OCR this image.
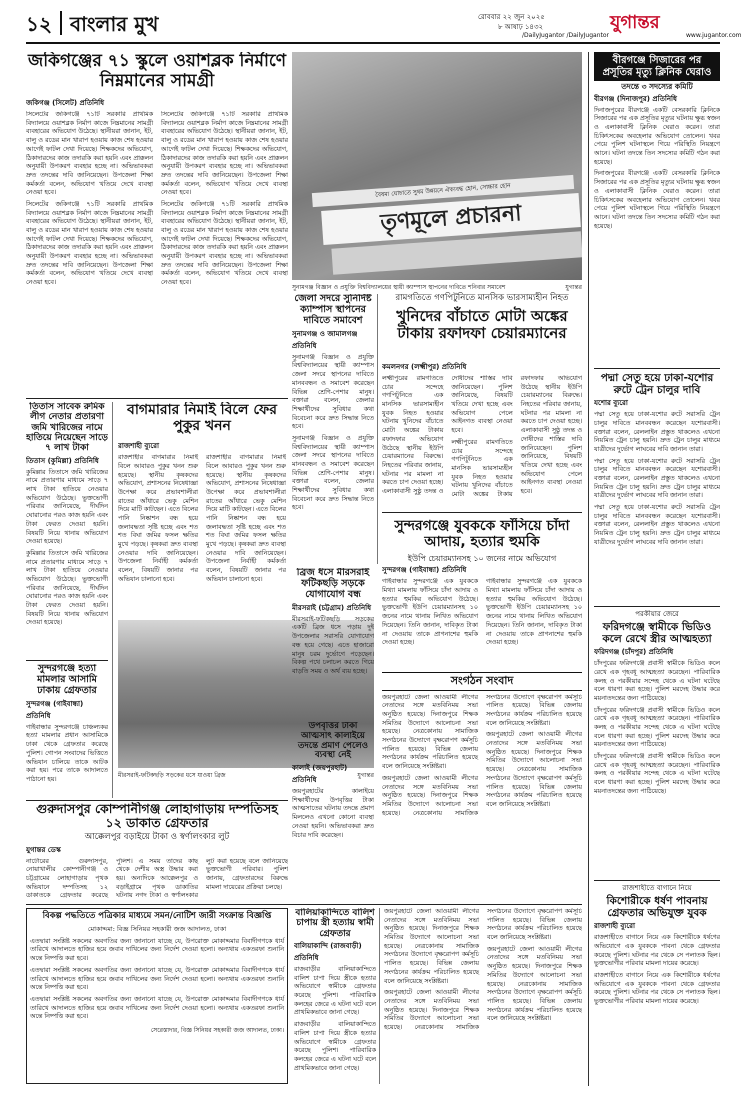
১২ বাংলার মুখ	রোববার ২২ জুন ২০২৫
৮ আষাঢ় ১৪৩২	যুগান্তর
/DailyJugantor /DailyJugantor	www.jugantor.com
জকিগঞ্জের ৭১ স্কুলে ওয়াশব্লক নির্মাণে নিম্নমানের সামগ্রী
জকিগঞ্জ (সিলেট) প্রতিনিধি

সিলেটের জকিগঞ্জে ৭১টি সরকারি প্রাথমিক বিদ্যালয়ে ওয়াশব্লক নির্মাণ কাজে নিম্নমানের সামগ্রী ব্যবহারের অভিযোগ উঠেছে। স্থানীয়রা জানান, ইট, বালু ও রডের মান খারাপ হওয়ায় কাজ শেষ হওয়ার আগেই ফাটল দেখা দিয়েছে। শিক্ষকদের অভিযোগ, ঠিকাদারদের কাজ তদারকি করা হয়নি এবং প্রাক্কলন অনুযায়ী উপকরণ ব্যবহার হচ্ছে না। অভিভাবকরা দ্রুত তদন্তের দাবি জানিয়েছেন। উপজেলা শিক্ষা কর্মকর্তা বলেন, অভিযোগ খতিয়ে দেখে ব্যবস্থা নেওয়া হবে।

সিলেটের জকিগঞ্জে ৭১টি সরকারি প্রাথমিক বিদ্যালয়ে ওয়াশব্লক নির্মাণ কাজে নিম্নমানের সামগ্রী ব্যবহারের অভিযোগ উঠেছে। স্থানীয়রা জানান, ইট, বালু ও রডের মান খারাপ হওয়ায় কাজ শেষ হওয়ার আগেই ফাটল দেখা দিয়েছে। শিক্ষকদের অভিযোগ, ঠিকাদারদের কাজ তদারকি করা হয়নি এবং প্রাক্কলন অনুযায়ী উপকরণ ব্যবহার হচ্ছে না। অভিভাবকরা দ্রুত তদন্তের দাবি জানিয়েছেন। উপজেলা শিক্ষা কর্মকর্তা বলেন, অভিযোগ খতিয়ে দেখে ব্যবস্থা নেওয়া হবে।

সিলেটের জকিগঞ্জে ৭১টি সরকারি প্রাথমিক বিদ্যালয়ে ওয়াশব্লক নির্মাণ কাজে নিম্নমানের সামগ্রী ব্যবহারের অভিযোগ উঠেছে। স্থানীয়রা জানান, ইট, বালু ও রডের মান খারাপ হওয়ায় কাজ শেষ হওয়ার আগেই ফাটল দেখা দিয়েছে। শিক্ষকদের অভিযোগ, ঠিকাদারদের কাজ তদারকি করা হয়নি এবং প্রাক্কলন অনুযায়ী উপকরণ ব্যবহার হচ্ছে না। অভিভাবকরা দ্রুত তদন্তের দাবি জানিয়েছেন। উপজেলা শিক্ষা কর্মকর্তা বলেন, অভিযোগ খতিয়ে দেখে ব্যবস্থা নেওয়া হবে।

সিলেটের জকিগঞ্জে ৭১টি সরকারি প্রাথমিক বিদ্যালয়ে ওয়াশব্লক নির্মাণ কাজে নিম্নমানের সামগ্রী ব্যবহারের অভিযোগ উঠেছে। স্থানীয়রা জানান, ইট, বালু ও রডের মান খারাপ হওয়ায় কাজ শেষ হওয়ার আগেই ফাটল দেখা দিয়েছে। শিক্ষকদের অভিযোগ, ঠিকাদারদের কাজ তদারকি করা হয়নি এবং প্রাক্কলন অনুযায়ী উপকরণ ব্যবহার হচ্ছে না। অভিভাবকরা দ্রুত তদন্তের দাবি জানিয়েছেন। উপজেলা শিক্ষা কর্মকর্তা বলেন, অভিযোগ খতিয়ে দেখে ব্যবস্থা নেওয়া হবে।

বৈষম্য ঘোচাতে সুষম উন্নয়নে ঐক্যবদ্ধ হোন, সোচ্চার হোন
তৃণমূলে প্রচারনা
সুনামগঞ্জ বিজ্ঞান ও প্রযুক্তি বিশ্ববিদ্যালয়ের স্থায়ী ক্যাম্পাস স্থাপনের দাবিতে শনিবার সমাবেশ	যুগান্তর
জেলা সদরে সুনির্দিষ্ট ক্যাম্পাস স্থাপনের দাবিতে সমাবেশ
সুনামগঞ্জ ও জামালগঞ্জ প্রতিনিধি

সুনামগঞ্জ বিজ্ঞান ও প্রযুক্তি বিশ্ববিদ্যালয়ের স্থায়ী ক্যাম্পাস জেলা সদরে স্থাপনের দাবিতে মানববন্ধন ও সমাবেশ করেছেন বিভিন্ন শ্রেণি-পেশার মানুষ। বক্তারা বলেন, জেলার শিক্ষার্থীদের সুবিধার কথা বিবেচনা করে দ্রুত সিদ্ধান্ত নিতে হবে।

সুনামগঞ্জ বিজ্ঞান ও প্রযুক্তি বিশ্ববিদ্যালয়ের স্থায়ী ক্যাম্পাস জেলা সদরে স্থাপনের দাবিতে মানববন্ধন ও সমাবেশ করেছেন বিভিন্ন শ্রেণি-পেশার মানুষ। বক্তারা বলেন, জেলার শিক্ষার্থীদের সুবিধার কথা বিবেচনা করে দ্রুত সিদ্ধান্ত নিতে হবে।

রামগতিতে গণপিটুনিতে মানসিক ভারসাম্যহীন নিহত
খুনিদের বাঁচাতে মোটা অঙ্কের টাকায় রফাদফা চেয়ারম্যানের
কমলনগর (লক্ষ্মীপুর) প্রতিনিধি

লক্ষ্মীপুরের রামগতিতে চোর সন্দেহে গণপিটুনিতে এক মানসিক ভারসাম্যহীন যুবক নিহত হওয়ার ঘটনায় খুনিদের বাঁচাতে মোটা অঙ্কের টাকায় রফাদফার অভিযোগ উঠেছে স্থানীয় ইউপি চেয়ারম্যানের বিরুদ্ধে। নিহতের পরিবার জানায়, ঘটনার পর মামলা না করতে চাপ দেওয়া হচ্ছে। এলাকাবাসী সুষ্ঠু তদন্ত ও দোষীদের শাস্তির দাবি জানিয়েছেন। পুলিশ জানিয়েছে, বিষয়টি খতিয়ে দেখা হচ্ছে এবং অভিযোগ পেলে আইনগত ব্যবস্থা নেওয়া হবে।

লক্ষ্মীপুরের রামগতিতে চোর সন্দেহে গণপিটুনিতে এক মানসিক ভারসাম্যহীন যুবক নিহত হওয়ার ঘটনায় খুনিদের বাঁচাতে মোটা অঙ্কের টাকায় রফাদফার অভিযোগ উঠেছে স্থানীয় ইউপি চেয়ারম্যানের বিরুদ্ধে। নিহতের পরিবার জানায়, ঘটনার পর মামলা না করতে চাপ দেওয়া হচ্ছে। এলাকাবাসী সুষ্ঠু তদন্ত ও দোষীদের শাস্তির দাবি জানিয়েছেন। পুলিশ জানিয়েছে, বিষয়টি খতিয়ে দেখা হচ্ছে এবং অভিযোগ পেলে আইনগত ব্যবস্থা নেওয়া হবে।

বীরগঞ্জে সিজারের পর প্রসূতির মৃত্যু ক্লিনিক ঘেরাও
তদন্তে ৩ সদস্যের কমিটি
বীরগঞ্জ (দিনাজপুর) প্রতিনিধি

দিনাজপুরের বীরগঞ্জে একটি বেসরকারি ক্লিনিকে সিজারের পর এক প্রসূতির মৃত্যুর ঘটনায় ক্ষুব্ধ স্বজন ও এলাকাবাসী ক্লিনিক ঘেরাও করেন। তারা চিকিৎসকের অবহেলার অভিযোগ তোলেন। খবর পেয়ে পুলিশ ঘটনাস্থলে গিয়ে পরিস্থিতি নিয়ন্ত্রণে আনে। ঘটনা তদন্তে তিন সদস্যের কমিটি গঠন করা হয়েছে।

দিনাজপুরের বীরগঞ্জে একটি বেসরকারি ক্লিনিকে সিজারের পর এক প্রসূতির মৃত্যুর ঘটনায় ক্ষুব্ধ স্বজন ও এলাকাবাসী ক্লিনিক ঘেরাও করেন। তারা চিকিৎসকের অবহেলার অভিযোগ তোলেন। খবর পেয়ে পুলিশ ঘটনাস্থলে গিয়ে পরিস্থিতি নিয়ন্ত্রণে আনে। ঘটনা তদন্তে তিন সদস্যের কমিটি গঠন করা হয়েছে।

পদ্মা সেতু হয়ে ঢাকা-যশোর রুটে ট্রেন চালুর দাবি
যশোর ব্যুরো

পদ্মা সেতু হয়ে ঢাকা-যশোর রুটে সরাসরি ট্রেন চালুর দাবিতে মানববন্ধন করেছেন যশোরবাসী। বক্তারা বলেন, রেললাইন প্রস্তুত থাকলেও এখনো নিয়মিত ট্রেন চালু হয়নি। দ্রুত ট্রেন চালুর মাধ্যমে যাত্রীদের দুর্ভোগ লাঘবের দাবি জানান তারা।

পদ্মা সেতু হয়ে ঢাকা-যশোর রুটে সরাসরি ট্রেন চালুর দাবিতে মানববন্ধন করেছেন যশোরবাসী। বক্তারা বলেন, রেললাইন প্রস্তুত থাকলেও এখনো নিয়মিত ট্রেন চালু হয়নি। দ্রুত ট্রেন চালুর মাধ্যমে যাত্রীদের দুর্ভোগ লাঘবের দাবি জানান তারা।

পদ্মা সেতু হয়ে ঢাকা-যশোর রুটে সরাসরি ট্রেন চালুর দাবিতে মানববন্ধন করেছেন যশোরবাসী। বক্তারা বলেন, রেললাইন প্রস্তুত থাকলেও এখনো নিয়মিত ট্রেন চালু হয়নি। দ্রুত ট্রেন চালুর মাধ্যমে যাত্রীদের দুর্ভোগ লাঘবের দাবি জানান তারা।

পরকীয়ার জেরে
ফরিদগঞ্জে স্বামীকে ভিডিও কলে রেখে স্ত্রীর আত্মহত্যা
ফরিদগঞ্জ (চাঁদপুর) প্রতিনিধি

চাঁদপুরের ফরিদগঞ্জে প্রবাসী স্বামীকে ভিডিও কলে রেখে এক গৃহবধূ আত্মহত্যা করেছেন। পারিবারিক কলহ ও পরকীয়ার সন্দেহ থেকে এ ঘটনা ঘটেছে বলে ধারণা করা হচ্ছে। পুলিশ মরদেহ উদ্ধার করে ময়নাতদন্তের জন্য পাঠিয়েছে।

চাঁদপুরের ফরিদগঞ্জে প্রবাসী স্বামীকে ভিডিও কলে রেখে এক গৃহবধূ আত্মহত্যা করেছেন। পারিবারিক কলহ ও পরকীয়ার সন্দেহ থেকে এ ঘটনা ঘটেছে বলে ধারণা করা হচ্ছে। পুলিশ মরদেহ উদ্ধার করে ময়নাতদন্তের জন্য পাঠিয়েছে।

চাঁদপুরের ফরিদগঞ্জে প্রবাসী স্বামীকে ভিডিও কলে রেখে এক গৃহবধূ আত্মহত্যা করেছেন। পারিবারিক কলহ ও পরকীয়ার সন্দেহ থেকে এ ঘটনা ঘটেছে বলে ধারণা করা হচ্ছে। পুলিশ মরদেহ উদ্ধার করে ময়নাতদন্তের জন্য পাঠিয়েছে।

রাজশাহীতে বাগানে নিয়ে
কিশোরীকে ধর্ষণ পাবনায় গ্রেফতার অভিযুক্ত যুবক
রাজশাহী ব্যুরো

রাজশাহীতে বাগানে নিয়ে এক কিশোরীকে ধর্ষণের অভিযোগে এক যুবককে পাবনা থেকে গ্রেফতার করেছে পুলিশ। ঘটনার পর থেকে সে পলাতক ছিল। ভুক্তভোগীর পরিবার মামলা দায়ের করেছে।

রাজশাহীতে বাগানে নিয়ে এক কিশোরীকে ধর্ষণের অভিযোগে এক যুবককে পাবনা থেকে গ্রেফতার করেছে পুলিশ। ঘটনার পর থেকে সে পলাতক ছিল। ভুক্তভোগীর পরিবার মামলা দায়ের করেছে।

তিতাস সাবেক রুমিক লীগ নেতার প্রতারণা জমি খারিজের নামে হাতিয়ে নিয়েছেন সাড়ে ৭ লাখ টাকা
তিতাস (কুমিল্লা) প্রতিনিধি

কুমিল্লার তিতাসে জমি খারিজের নামে প্রতারণার মাধ্যমে সাড়ে ৭ লাখ টাকা হাতিয়ে নেওয়ার অভিযোগ উঠেছে। ভুক্তভোগী পরিবার জানিয়েছে, দীর্ঘদিন ঘোরানোর পরও কাজ হয়নি এবং টাকা ফেরত দেওয়া হয়নি। বিষয়টি নিয়ে থানায় অভিযোগ দেওয়া হয়েছে।

কুমিল্লার তিতাসে জমি খারিজের নামে প্রতারণার মাধ্যমে সাড়ে ৭ লাখ টাকা হাতিয়ে নেওয়ার অভিযোগ উঠেছে। ভুক্তভোগী পরিবার জানিয়েছে, দীর্ঘদিন ঘোরানোর পরও কাজ হয়নি এবং টাকা ফেরত দেওয়া হয়নি। বিষয়টি নিয়ে থানায় অভিযোগ দেওয়া হয়েছে।

সুন্দরগঞ্জে হত্যা মামলার আসামি ঢাকায় গ্রেফতার
সুন্দরগঞ্জ (গাইবান্ধা) প্রতিনিধি

গাইবান্ধার সুন্দরগঞ্জে চাঞ্চল্যকর হত্যা মামলার প্রধান আসামিকে ঢাকা থেকে গ্রেফতার করেছে পুলিশ। গোপন সংবাদের ভিত্তিতে অভিযান চালিয়ে তাকে আটক করা হয়। পরে তাকে আদালতে পাঠানো হয়।

বাগমারার নিমাই বিলে ফের পুকুর খনন
রাজশাহী ব্যুরো

রাজশাহীর বাগমারার নিমাই বিলে আবারও পুকুর খনন শুরু হয়েছে। স্থানীয় কৃষকদের অভিযোগ, প্রশাসনের নিষেধাজ্ঞা উপেক্ষা করে প্রভাবশালীরা রাতের আঁধারে ভেকু মেশিন দিয়ে মাটি কাটছেন। এতে বিলের পানি নিষ্কাশন বন্ধ হয়ে জলাবদ্ধতা সৃষ্টি হচ্ছে এবং শত শত বিঘা জমির ফসল ক্ষতির মুখে পড়ছে। কৃষকরা দ্রুত ব্যবস্থা নেওয়ার দাবি জানিয়েছেন। উপজেলা নির্বাহী কর্মকর্তা বলেন, বিষয়টি জানার পর অভিযান চালানো হবে।

রাজশাহীর বাগমারার নিমাই বিলে আবারও পুকুর খনন শুরু হয়েছে। স্থানীয় কৃষকদের অভিযোগ, প্রশাসনের নিষেধাজ্ঞা উপেক্ষা করে প্রভাবশালীরা রাতের আঁধারে ভেকু মেশিন দিয়ে মাটি কাটছেন। এতে বিলের পানি নিষ্কাশন বন্ধ হয়ে জলাবদ্ধতা সৃষ্টি হচ্ছে এবং শত শত বিঘা জমির ফসল ক্ষতির মুখে পড়ছে। কৃষকরা দ্রুত ব্যবস্থা নেওয়ার দাবি জানিয়েছেন। উপজেলা নির্বাহী কর্মকর্তা বলেন, বিষয়টি জানার পর অভিযান চালানো হবে।

মীরসরাই-ফটিকছড়ি সড়কের ধসে যাওয়া ব্রিজ	যুগান্তর
ব্রিজ ধসে মীরসরাই ফটিকছড়ি সড়কে যোগাযোগ বন্ধ
মীরসরাই (চট্টগ্রাম) প্রতিনিধি

মীরসরাই-ফটিকছড়ি সড়কের একটি ব্রিজ ধসে পড়ায় দুই উপজেলার সরাসরি যোগাযোগ বন্ধ হয়ে গেছে। এতে হাজারো মানুষ চরম দুর্ভোগে পড়েছেন। বিকল্প পথে চলাচল করতে গিয়ে বাড়তি সময় ও অর্থ ব্যয় হচ্ছে।

সুন্দরগঞ্জে যুবককে ফাঁসিয়ে চাঁদা আদায়, হত্যার হুমকি
ইউপি চেয়ারম্যানসহ ১০ জনের নামে অভিযোগ
সুন্দরগঞ্জ (গাইবান্ধা) প্রতিনিধি

গাইবান্ধার সুন্দরগঞ্জে এক যুবককে মিথ্যা মামলায় ফাঁসিয়ে চাঁদা আদায় ও হত্যার হুমকির অভিযোগ উঠেছে। ভুক্তভোগী ইউপি চেয়ারম্যানসহ ১০ জনের নামে থানায় লিখিত অভিযোগ দিয়েছেন। তিনি জানান, দাবিকৃত টাকা না দেওয়ায় তাকে প্রাণনাশের হুমকি দেওয়া হচ্ছে।

গাইবান্ধার সুন্দরগঞ্জে এক যুবককে মিথ্যা মামলায় ফাঁসিয়ে চাঁদা আদায় ও হত্যার হুমকির অভিযোগ উঠেছে। ভুক্তভোগী ইউপি চেয়ারম্যানসহ ১০ জনের নামে থানায় লিখিত অভিযোগ দিয়েছেন। তিনি জানান, দাবিকৃত টাকা না দেওয়ায় তাকে প্রাণনাশের হুমকি দেওয়া হচ্ছে।

উপবৃত্তির টাকা আত্মসাৎ কালাইয়ে তদন্তে প্রমাণ পেলেও ব্যবস্থা নেই
কালাই (জয়পুরহাট) প্রতিনিধি

জয়পুরহাটের কালাইয়ে শিক্ষার্থীদের উপবৃত্তির টাকা আত্মসাতের ঘটনায় তদন্তে প্রমাণ মিললেও এখনো কোনো ব্যবস্থা নেওয়া হয়নি। অভিভাবকরা দ্রুত বিচার দাবি করেছেন।

গুরুদাসপুর কোম্পানীগঞ্জ লোহাগাড়ায় দম্পতিসহ ১২ ডাকাত গ্রেফতার
আক্কেলপুর বড়াইয়ে টাকা ও স্বর্ণালংকার লুট
যুগান্তর ডেস্ক

নাটোরের গুরুদাসপুর, নোয়াখালীর কোম্পানীগঞ্জ ও চট্টগ্রামের লোহাগাড়ায় পৃথক অভিযানে দম্পতিসহ ১২ ডাকাতকে গ্রেফতার করেছে পুলিশ। এ সময় তাদের কাছ থেকে দেশীয় অস্ত্র উদ্ধার করা হয়। অন্যদিকে আক্কেলপুর ও বড়াইগ্রামে পৃথক ডাকাতির ঘটনায় নগদ টাকা ও স্বর্ণালংকার লুট করা হয়েছে বলে জানিয়েছে ভুক্তভোগী পরিবার। পুলিশ জানায়, গ্রেফতারদের বিরুদ্ধে মামলা দায়েরের প্রক্রিয়া চলছে।

সংগঠন সংবাদ

জয়পুরহাটে জেলা আওয়ামী লীগের নেতাদের সঙ্গে মতবিনিময় সভা অনুষ্ঠিত হয়েছে। দিনাজপুরে শিক্ষক সমিতির উদ্যোগে আলোচনা সভা হয়েছে। নেত্রকোনায় সামাজিক সংগঠনের উদ্যোগে বৃক্ষরোপণ কর্মসূচি পালিত হয়েছে। বিভিন্ন জেলায় সংগঠনের কার্যক্রম পরিচালিত হয়েছে বলে জানিয়েছে সংশ্লিষ্টরা।

জয়পুরহাটে জেলা আওয়ামী লীগের নেতাদের সঙ্গে মতবিনিময় সভা অনুষ্ঠিত হয়েছে। দিনাজপুরে শিক্ষক সমিতির উদ্যোগে আলোচনা সভা হয়েছে। নেত্রকোনায় সামাজিক সংগঠনের উদ্যোগে বৃক্ষরোপণ কর্মসূচি পালিত হয়েছে। বিভিন্ন জেলায় সংগঠনের কার্যক্রম পরিচালিত হয়েছে বলে জানিয়েছে সংশ্লিষ্টরা।

জয়পুরহাটে জেলা আওয়ামী লীগের নেতাদের সঙ্গে মতবিনিময় সভা অনুষ্ঠিত হয়েছে। দিনাজপুরে শিক্ষক সমিতির উদ্যোগে আলোচনা সভা হয়েছে। নেত্রকোনায় সামাজিক সংগঠনের উদ্যোগে বৃক্ষরোপণ কর্মসূচি পালিত হয়েছে। বিভিন্ন জেলায় সংগঠনের কার্যক্রম পরিচালিত হয়েছে বলে জানিয়েছে সংশ্লিষ্টরা।

বিকল্প পদ্ধতিতে পত্রিকার মাধ্যমে সমন/নোটিশ জারী সংক্রান্ত বিজ্ঞপ্তি
মোকাদ্দমা: বিজ্ঞ সিনিয়র সহকারী জজ আদালত, ঢাকা

এতদ্বারা সংশ্লিষ্ট সকলের অবগতির জন্য জানানো যাচ্ছে যে, উপরোক্ত মোকাদ্দমার বিবাদীগণকে ধার্য তারিখে আদালতে হাজির হয়ে জবাব দাখিলের জন্য নির্দেশ দেওয়া হলো। অন্যথায় একতরফা শুনানি অন্তে নিষ্পত্তি করা হবে।

এতদ্বারা সংশ্লিষ্ট সকলের অবগতির জন্য জানানো যাচ্ছে যে, উপরোক্ত মোকাদ্দমার বিবাদীগণকে ধার্য তারিখে আদালতে হাজির হয়ে জবাব দাখিলের জন্য নির্দেশ দেওয়া হলো। অন্যথায় একতরফা শুনানি অন্তে নিষ্পত্তি করা হবে।

এতদ্বারা সংশ্লিষ্ট সকলের অবগতির জন্য জানানো যাচ্ছে যে, উপরোক্ত মোকাদ্দমার বিবাদীগণকে ধার্য তারিখে আদালতে হাজির হয়ে জবাব দাখিলের জন্য নির্দেশ দেওয়া হলো। অন্যথায় একতরফা শুনানি অন্তে নিষ্পত্তি করা হবে।

সেরেস্তাদার, বিজ্ঞ সিনিয়র সহকারী জজ আদালত, ঢাকা।
বালিয়াকান্দিতে বালিশ চাপায় স্ত্রী হত্যায় স্বামী গ্রেফতার
বালিয়াকান্দি (রাজবাড়ী) প্রতিনিধি

রাজবাড়ীর বালিয়াকান্দিতে বালিশ চাপা দিয়ে স্ত্রীকে হত্যার অভিযোগে স্বামীকে গ্রেফতার করেছে পুলিশ। পারিবারিক কলহের জেরে এ ঘটনা ঘটে বলে প্রাথমিকভাবে জানা গেছে।

রাজবাড়ীর বালিয়াকান্দিতে বালিশ চাপা দিয়ে স্ত্রীকে হত্যার অভিযোগে স্বামীকে গ্রেফতার করেছে পুলিশ। পারিবারিক কলহের জেরে এ ঘটনা ঘটে বলে প্রাথমিকভাবে জানা গেছে।

জয়পুরহাটে জেলা আওয়ামী লীগের নেতাদের সঙ্গে মতবিনিময় সভা অনুষ্ঠিত হয়েছে। দিনাজপুরে শিক্ষক সমিতির উদ্যোগে আলোচনা সভা হয়েছে। নেত্রকোনায় সামাজিক সংগঠনের উদ্যোগে বৃক্ষরোপণ কর্মসূচি পালিত হয়েছে। বিভিন্ন জেলায় সংগঠনের কার্যক্রম পরিচালিত হয়েছে বলে জানিয়েছে সংশ্লিষ্টরা।

জয়পুরহাটে জেলা আওয়ামী লীগের নেতাদের সঙ্গে মতবিনিময় সভা অনুষ্ঠিত হয়েছে। দিনাজপুরে শিক্ষক সমিতির উদ্যোগে আলোচনা সভা হয়েছে। নেত্রকোনায় সামাজিক সংগঠনের উদ্যোগে বৃক্ষরোপণ কর্মসূচি পালিত হয়েছে। বিভিন্ন জেলায় সংগঠনের কার্যক্রম পরিচালিত হয়েছে বলে জানিয়েছে সংশ্লিষ্টরা।

জয়পুরহাটে জেলা আওয়ামী লীগের নেতাদের সঙ্গে মতবিনিময় সভা অনুষ্ঠিত হয়েছে। দিনাজপুরে শিক্ষক সমিতির উদ্যোগে আলোচনা সভা হয়েছে। নেত্রকোনায় সামাজিক সংগঠনের উদ্যোগে বৃক্ষরোপণ কর্মসূচি পালিত হয়েছে। বিভিন্ন জেলায় সংগঠনের কার্যক্রম পরিচালিত হয়েছে বলে জানিয়েছে সংশ্লিষ্টরা।
